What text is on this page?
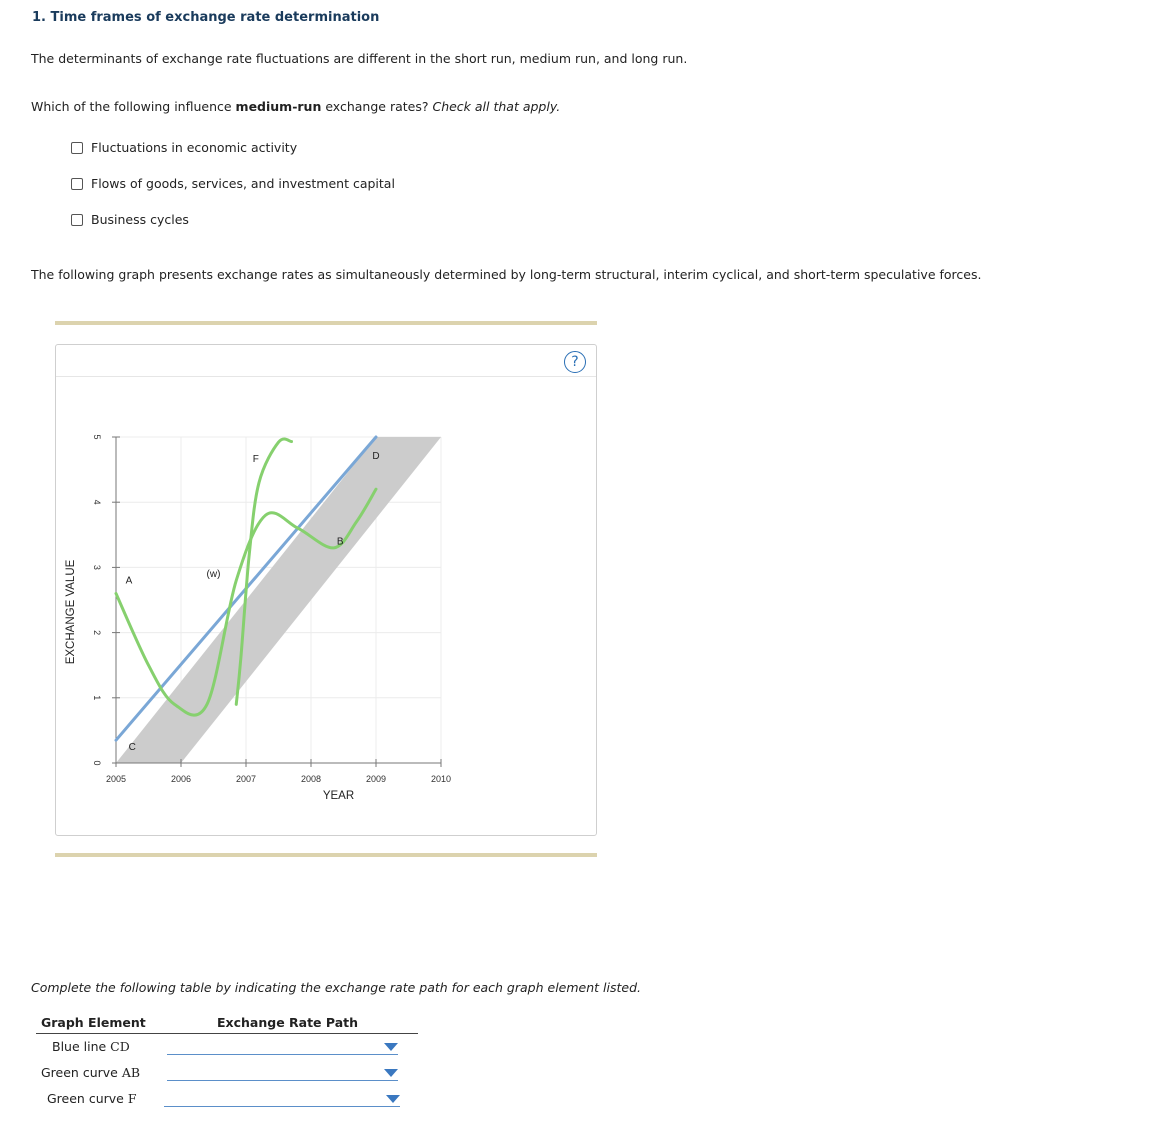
1. Time frames of exchange rate determination
The determinants of exchange rate fluctuations are different in the short run, medium run, and long run.
Which of the following influence medium-run exchange rates? Check all that apply.
Fluctuations in economic activity
Flows of goods, services, and investment capital
Business cycles
The following graph presents exchange rates as simultaneously determined by long-term structural, interim cyclical, and short-term speculative forces.
?
2005	2006	2007	2008	2009	2010
0
1
2
3
4
5
YEAR
EXCHANGE VALUE	A
C
(w)
F	D
B
Complete the following table by indicating the exchange rate path for each graph element listed.
Graph Element	Exchange Rate Path
Blue line CD
Green curve AB
Green curve F
